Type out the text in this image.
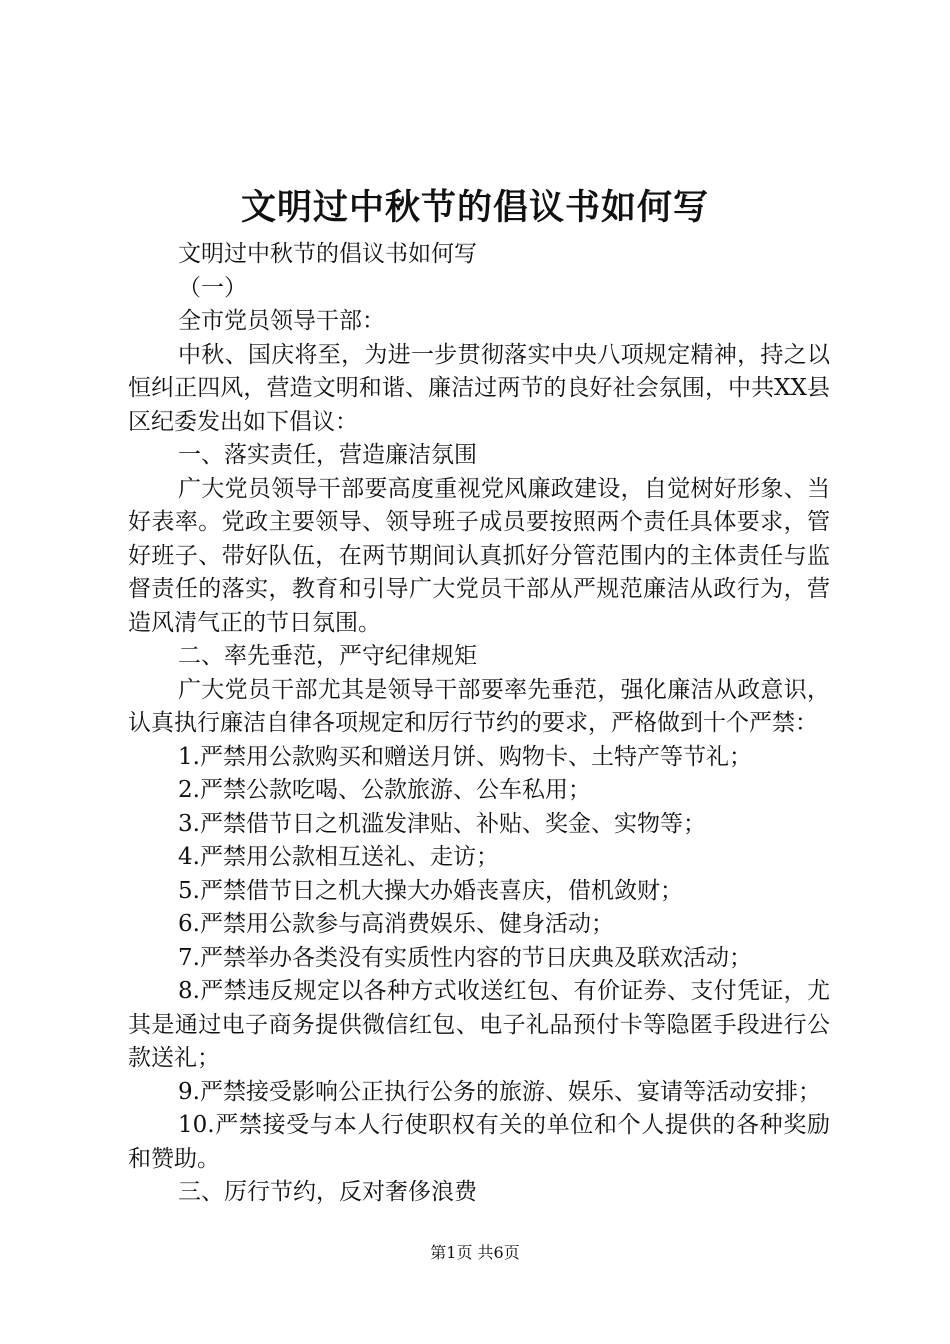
文明过中秋节的倡议书如何写

文明过中秋节的倡议书如何写

（一）

全市党员领导干部：

中秋、国庆将至，为进一步贯彻落实中央八项规定精神，持之以恒纠正四风，营造文明和谐、廉洁过两节的良好社会氛围，中共XX县区纪委发出如下倡议：

一、落实责任，营造廉洁氛围

广大党员领导干部要高度重视党风廉政建设，自觉树好形象、当好表率。党政主要领导、领导班子成员要按照两个责任具体要求，管好班子、带好队伍，在两节期间认真抓好分管范围内的主体责任与监督责任的落实，教育和引导广大党员干部从严规范廉洁从政行为，营造风清气正的节日氛围。

二、率先垂范，严守纪律规矩

广大党员干部尤其是领导干部要率先垂范，强化廉洁从政意识，认真执行廉洁自律各项规定和厉行节约的要求，严格做到十个严禁：

1.严禁用公款购买和赠送月饼、购物卡、土特产等节礼；

2.严禁公款吃喝、公款旅游、公车私用；

3.严禁借节日之机滥发津贴、补贴、奖金、实物等；

4.严禁用公款相互送礼、走访；

5.严禁借节日之机大操大办婚丧喜庆，借机敛财；

6.严禁用公款参与高消费娱乐、健身活动；

7.严禁举办各类没有实质性内容的节日庆典及联欢活动；

8.严禁违反规定以各种方式收送红包、有价证券、支付凭证，尤其是通过电子商务提供微信红包、电子礼品预付卡等隐匿手段进行公款送礼；

9.严禁接受影响公正执行公务的旅游、娱乐、宴请等活动安排；

10.严禁接受与本人行使职权有关的单位和个人提供的各种奖励和赞助。

三、厉行节约，反对奢侈浪费

第1页 共6页
